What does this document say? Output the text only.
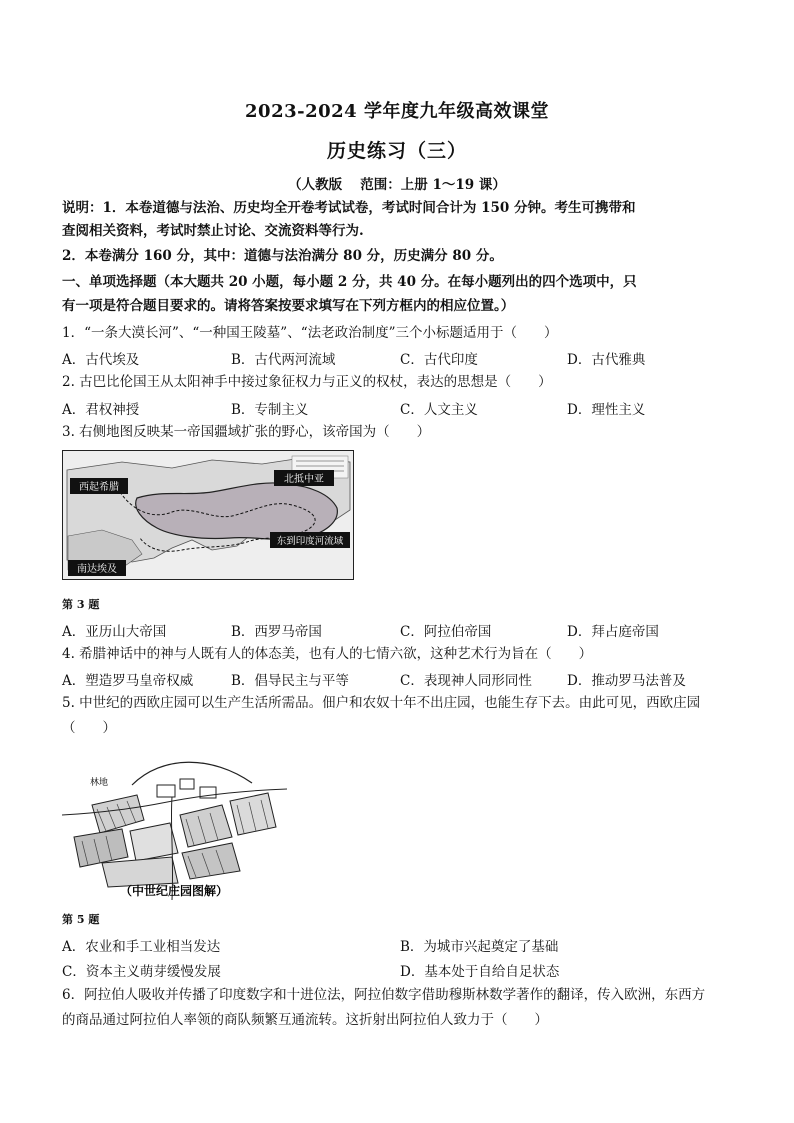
2023-2024 学年度九年级高效课堂
历史练习（三）
（人教版　 范围：上册 1～19 课）
说明：1．本卷道德与法治、历史均全开卷考试试卷，考试时间合计为 150 分钟。考生可携带和
查阅相关资料，考试时禁止讨论、交流资料等行为.
2．本卷满分 160 分，其中：道德与法治满分 80 分，历史满分 80 分。
一、单项选择题（本大题共 20 小题，每小题 2 分，共 40 分。在每小题列出的四个选项中，只
有一项是符合题目要求的。请将答案按要求填写在下列方框内的相应位置。）
1．“一条大漠长河”、“一种国王陵墓”、“法老政治制度”三个小标题适用于（　　）
A．古代埃及	B．古代两河流域	C．古代印度	D．古代雅典
2. 古巴比伦国王从太阳神手中接过象征权力与正义的权杖，表达的思想是（　　）
A．君权神授	B．专制主义	C．人文主义	D．理性主义
3. 右侧地图反映某一帝国疆域扩张的野心，该帝国为（　　）
西起希腊
北抵中亚
东到印度河流域
南达埃及
第 3 题
A．亚历山大帝国	B．西罗马帝国	C．阿拉伯帝国	D．拜占庭帝国
4. 希腊神话中的神与人既有人的体态美，也有人的七情六欲，这种艺术行为旨在（　　）
A．塑造罗马皇帝权威	B．倡导民主与平等	C．表现神人同形同性	D．推动罗马法普及
5. 中世纪的西欧庄园可以生产生活所需品。佃户和农奴十年不出庄园，也能生存下去。由此可见，西欧庄园
（　　）
林地
（中世纪庄园图解）
第 5 题
A．农业和手工业相当发达	B．为城市兴起奠定了基础
C．资本主义萌芽缓慢发展	D．基本处于自给自足状态
6．阿拉伯人吸收并传播了印度数字和十进位法，阿拉伯数字借助穆斯林数学著作的翻译，传入欧洲，东西方
的商品通过阿拉伯人率领的商队频繁互通流转。这折射出阿拉伯人致力于（　　）
